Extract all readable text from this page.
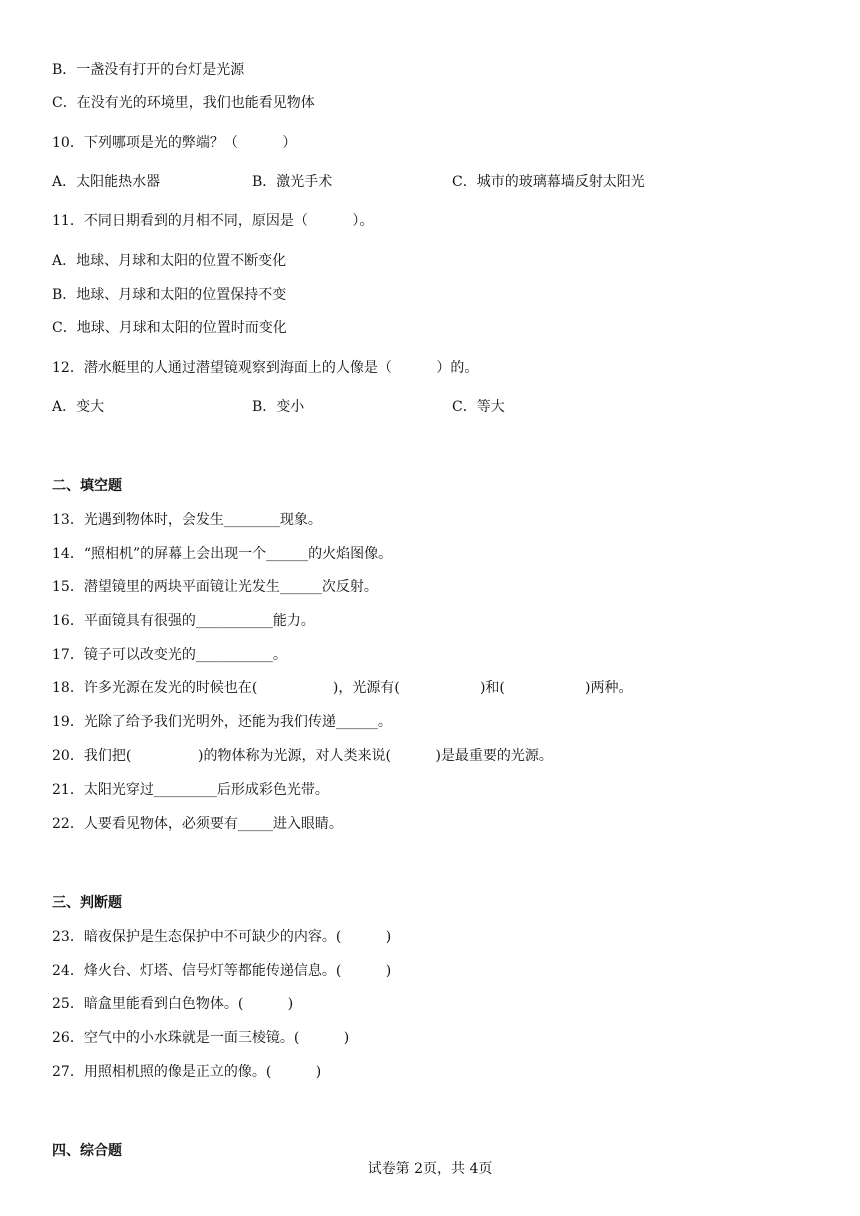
B．一盏没有打开的台灯是光源
C．在没有光的环境里，我们也能看见物体
10．下列哪项是光的弊端？（          ）
A．太阳能热水器	B．激光手术	C．城市的玻璃幕墙反射太阳光
11．不同日期看到的月相不同，原因是（          ）。
A．地球、月球和太阳的位置不断变化
B．地球、月球和太阳的位置保持不变
C．地球、月球和太阳的位置时而变化
12．潜水艇里的人通过潜望镜观察到海面上的人像是（          ）的。
A．变大	B．变小	C．等大
二、填空题
13．光遇到物体时，会发生________现象。
14．“照相机”的屏幕上会出现一个______的火焰图像。
15．潜望镜里的两块平面镜让光发生______次反射。
16．平面镜具有很强的___________能力。
17．镜子可以改变光的___________。
18．许多光源在发光的时候也在(                 )，光源有(                  )和(                  )两种。
19．光除了给予我们光明外，还能为我们传递______。
20．我们把(               )的物体称为光源，对人类来说(          )是最重要的光源。
21．太阳光穿过_________后形成彩色光带。
22．人要看见物体，必须要有_____进入眼睛。
三、判断题
23．暗夜保护是生态保护中不可缺少的内容。(          )
24．烽火台、灯塔、信号灯等都能传递信息。(          )
25．暗盒里能看到白色物体。(          )
26．空气中的小水珠就是一面三棱镜。(          )
27．用照相机照的像是正立的像。(          )
四、综合题
试卷第 2页，共 4页
